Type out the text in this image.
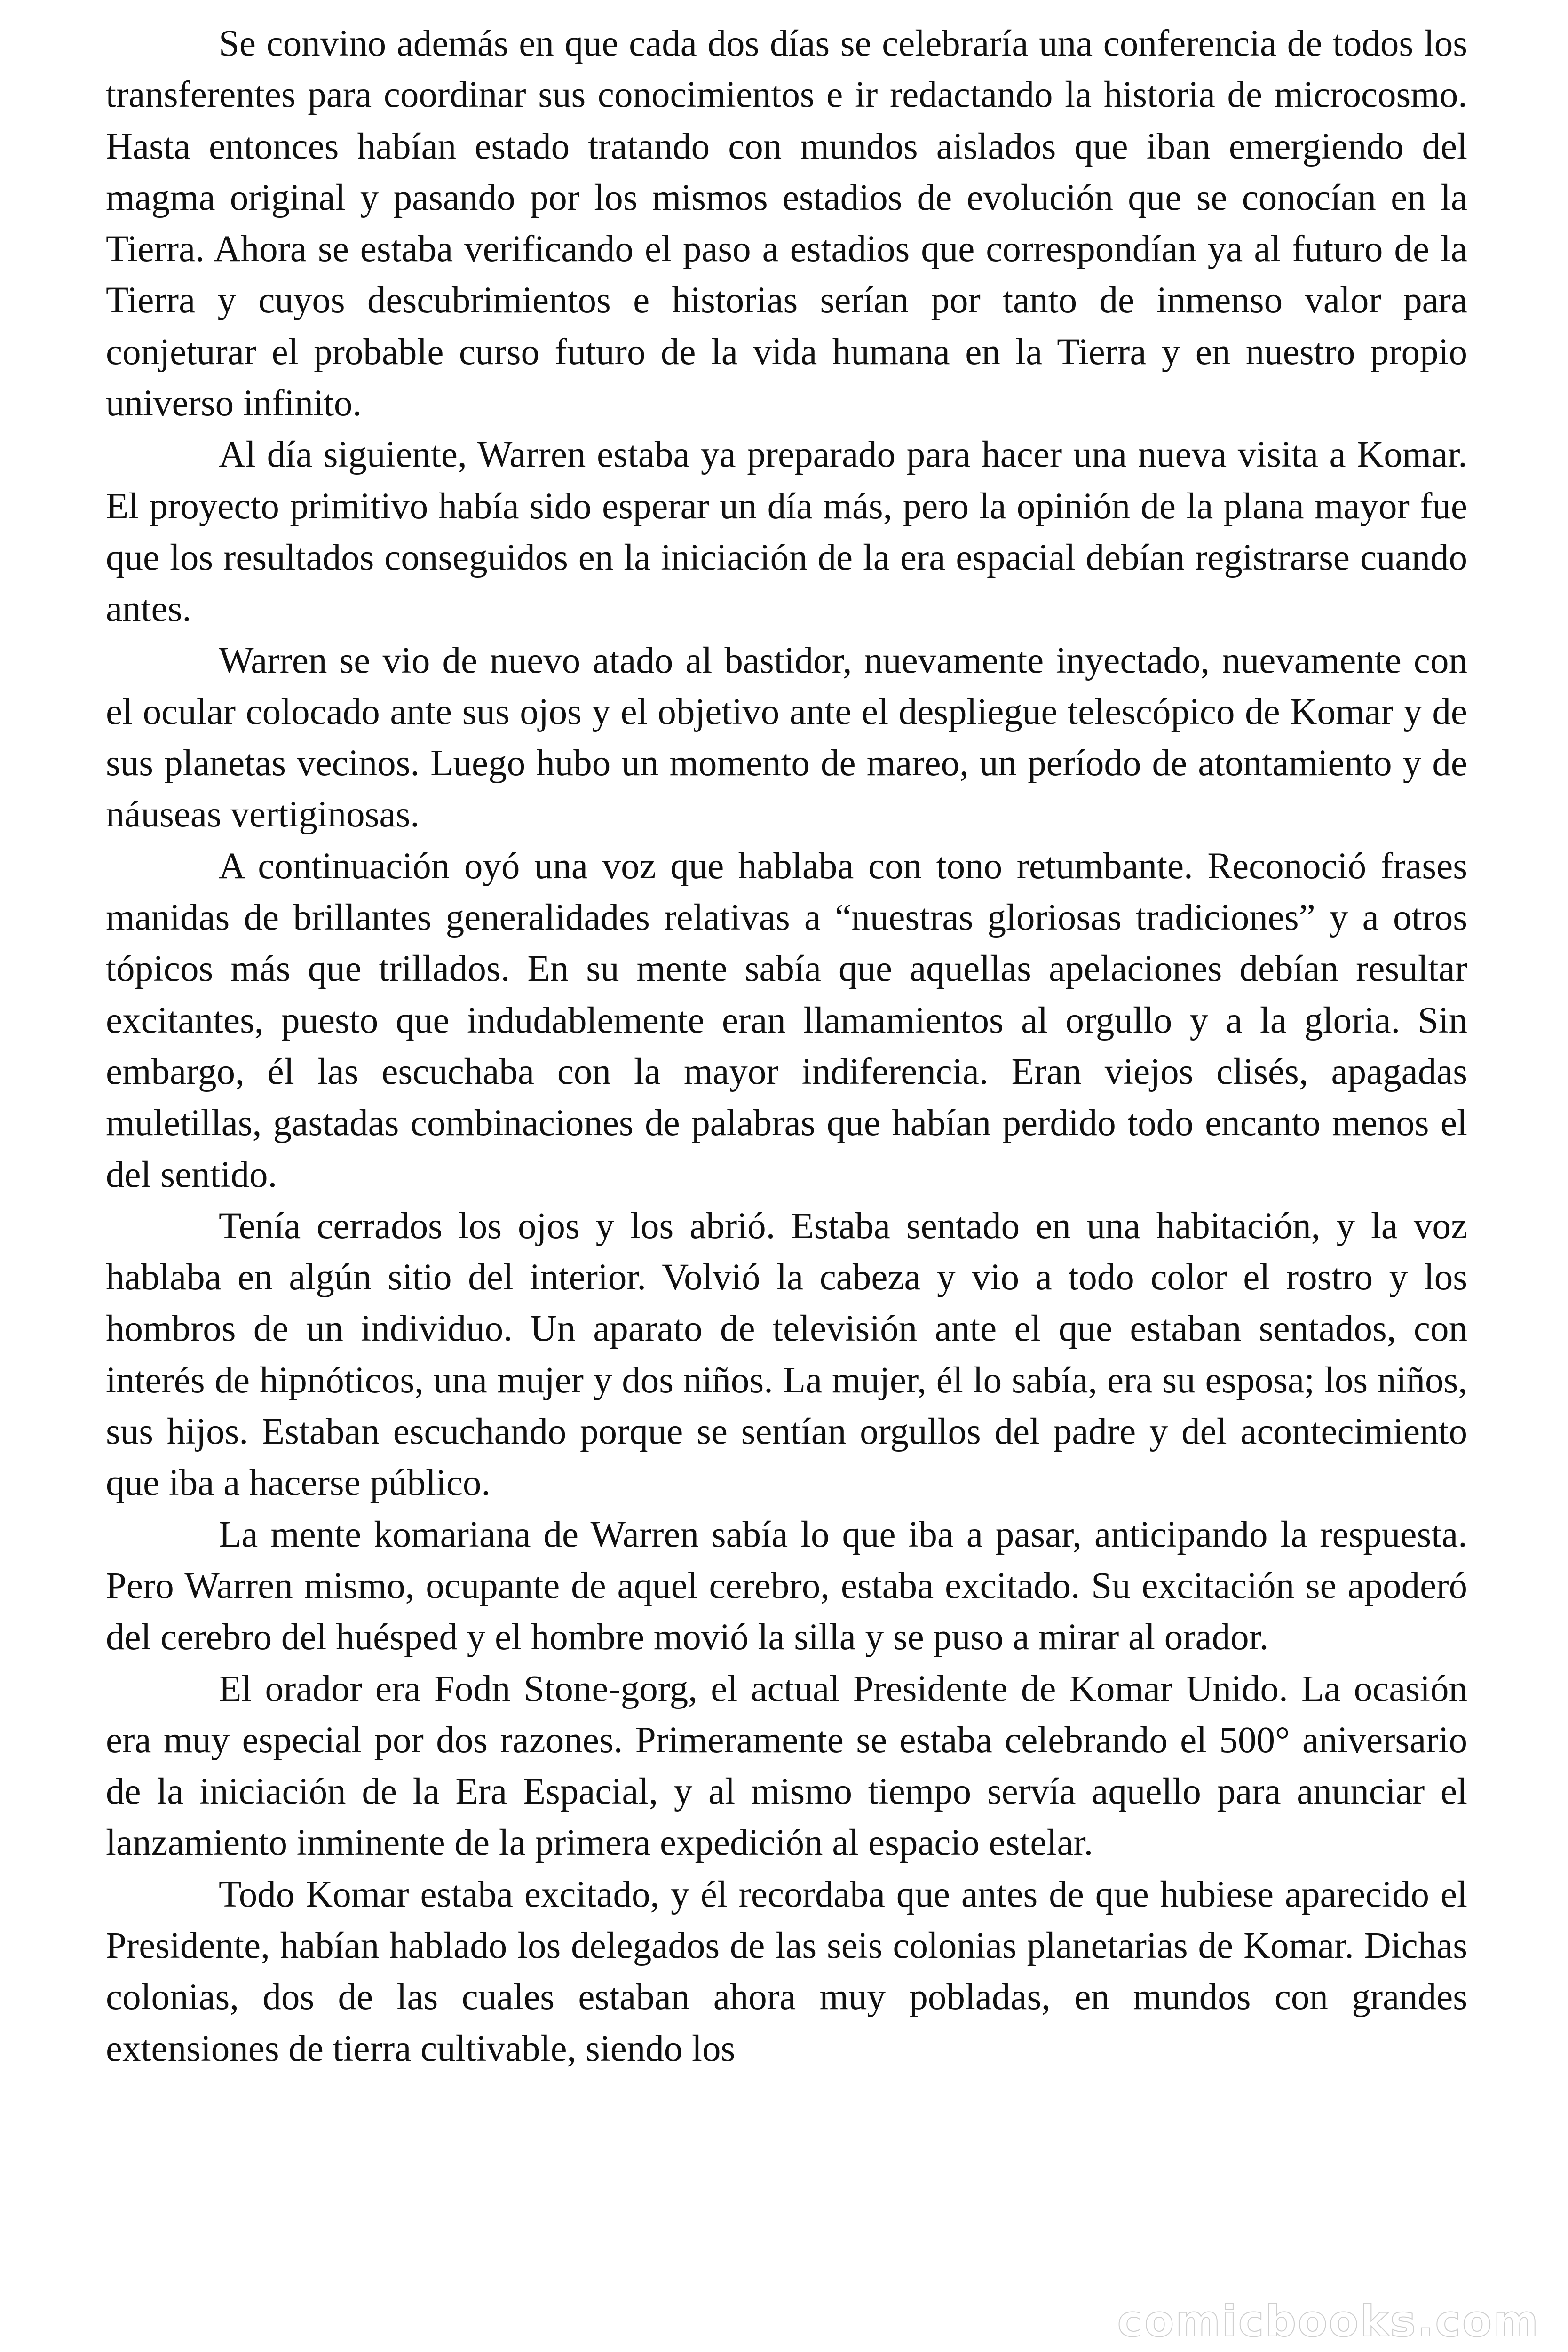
Se convino además en que cada dos días se celebraría una conferencia de todos los transferentes para coordinar sus conocimientos e ir redactando la historia de microcosmo. Hasta entonces habían estado tratando con mundos aislados que iban emergiendo del magma original y pasando por los mismos estadios de evolución que se conocían en la Tierra. Ahora se estaba verificando el paso a estadios que correspondían ya al futuro de la Tierra y cuyos descubrimientos e historias serían por tanto de inmenso valor para conjeturar el probable curso futuro de la vida humana en la Tierra y en nuestro propio universo infinito.

Al día siguiente, Warren estaba ya preparado para hacer una nueva visita a Komar. El proyecto primitivo había sido esperar un día más, pero la opinión de la plana mayor fue que los resultados conseguidos en la iniciación de la era espacial debían registrarse cuando antes.

Warren se vio de nuevo atado al bastidor, nuevamente inyectado, nuevamente con el ocular colocado ante sus ojos y el objetivo ante el despliegue telescópico de Komar y de sus planetas vecinos. Luego hubo un momento de mareo, un período de atontamiento y de náuseas vertiginosas.

A continuación oyó una voz que hablaba con tono retumbante. Reconoció frases manidas de brillantes generalidades relativas a “nuestras gloriosas tradiciones” y a otros tópicos más que trillados. En su mente sabía que aquellas apelaciones debían resultar excitantes, puesto que indudablemente eran llamamientos al orgullo y a la gloria. Sin embargo, él las escuchaba con la mayor indiferencia. Eran viejos clisés, apagadas muletillas, gastadas combinaciones de palabras que habían perdido todo encanto menos el del sentido.

Tenía cerrados los ojos y los abrió. Estaba sentado en una habitación, y la voz hablaba en algún sitio del interior. Volvió la cabeza y vio a todo color el rostro y los hombros de un individuo. Un aparato de televisión ante el que estaban sentados, con interés de hipnóticos, una mujer y dos niños. La mujer, él lo sabía, era su esposa; los niños, sus hijos. Estaban escuchando porque se sentían orgullos del padre y del acontecimiento que iba a hacerse público.

La mente komariana de Warren sabía lo que iba a pasar, anticipando la respuesta. Pero Warren mismo, ocupante de aquel cerebro, estaba excitado. Su excitación se apoderó del cerebro del huésped y el hombre movió la silla y se puso a mirar al orador.

El orador era Fodn Stone-gorg, el actual Presidente de Komar Unido. La ocasión era muy especial por dos razones. Primeramente se estaba celebrando el 500° aniversario de la iniciación de la Era Espacial, y al mismo tiempo servía aquello para anunciar el lanzamiento inminente de la primera expedición al espacio estelar.

Todo Komar estaba excitado, y él recordaba que antes de que hubiese aparecido el Presidente, habían hablado los delegados de las seis colonias planetarias de Komar. Dichas colonias, dos de las cuales estaban ahora muy pobladas, en mundos con grandes extensiones de tierra cultivable, siendo los

comicbooks.com
